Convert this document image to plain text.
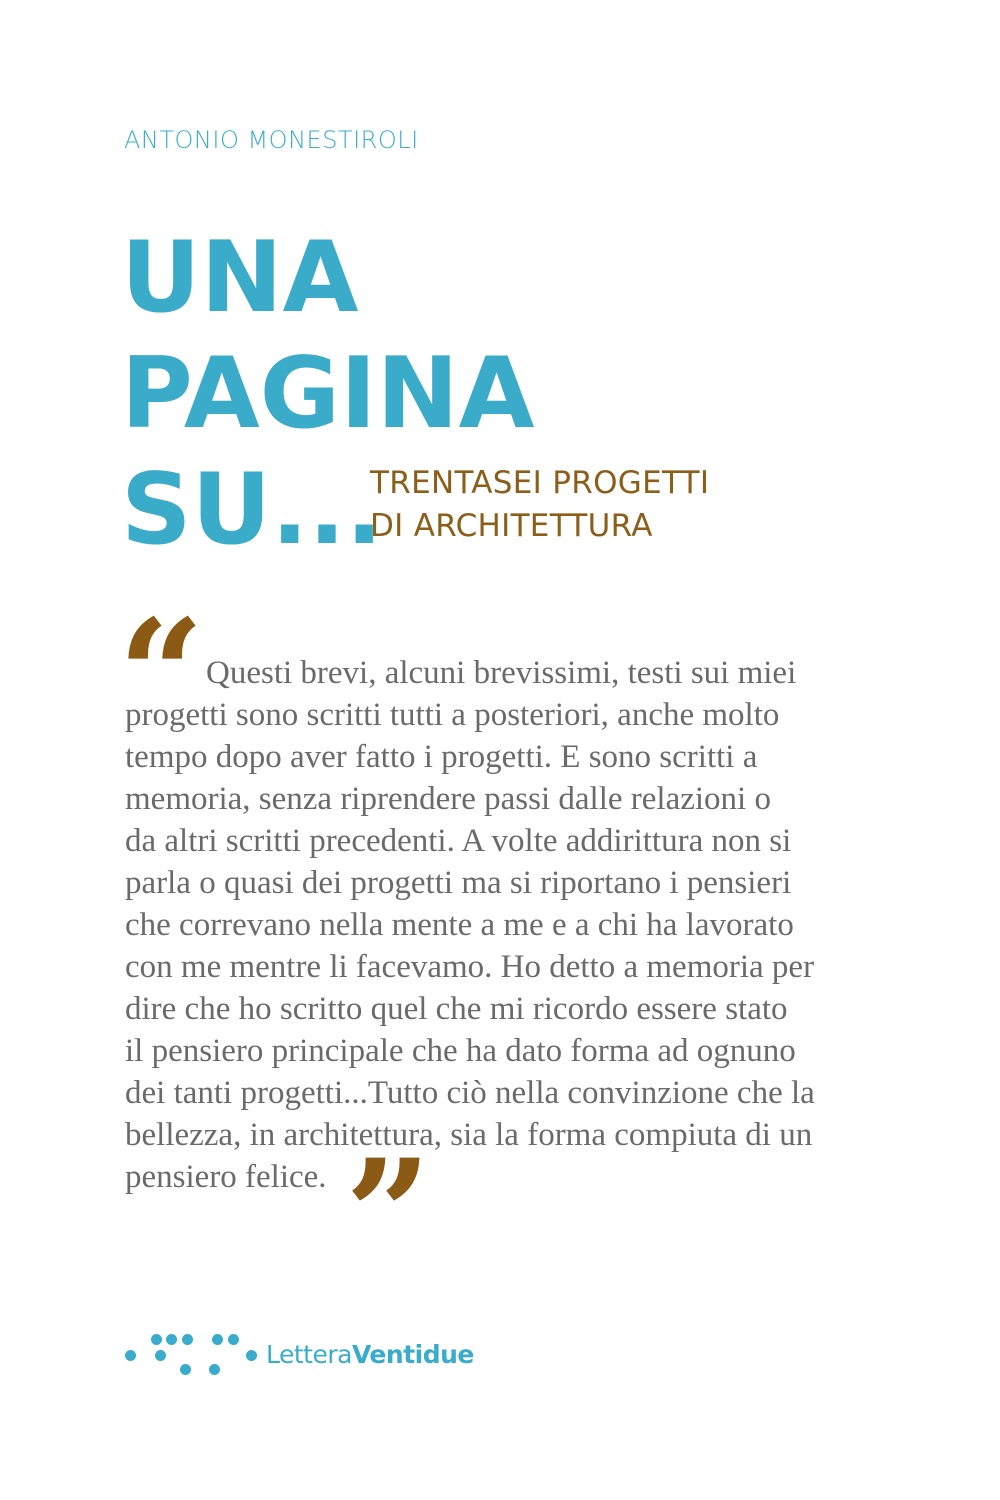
ANTONIO MONESTIROLI
UNA
PAGINA
SU...
TRENTASEI PROGETTI
DI ARCHITETTURA
“ Questi brevi, alcuni brevissimi, testi sui miei
progetti sono scritti tutti a posteriori, anche molto
tempo dopo aver fatto i progetti. E sono scritti a
memoria, senza riprendere passi dalle relazioni o
da altri scritti precedenti. A volte addirittura non si
parla o quasi dei progetti ma si riportano i pensieri
che correvano nella mente a me e a chi ha lavorato
con me mentre li facevamo. Ho detto a memoria per
dire che ho scritto quel che mi ricordo essere stato
il pensiero principale che ha dato forma ad ognuno
dei tanti progetti...Tutto ciò nella convinzione che la
bellezza, in architettura, sia la forma compiuta di un
pensiero felice. ”
LetteraVentidue
